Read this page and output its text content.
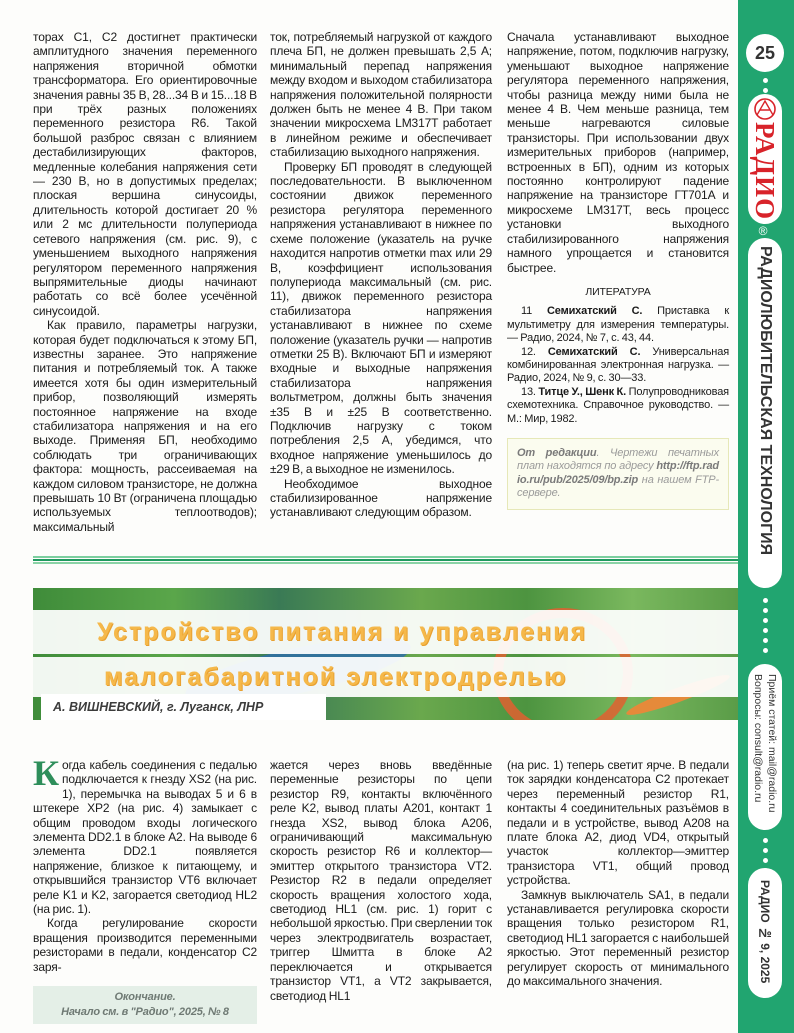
торах С1, С2 достигнет практически амплитудного значения переменного напряжения вторичной обмотки трансформатора. Его ориентировочные значения равны 35 В, 28...34 В и 15...18 В при трёх разных положениях переменного резистора R6. Такой большой разброс связан с влиянием дестабилизирующих факторов, медленные колебания напряжения сети — 230 В, но в допустимых пределах; плоская вершина синусоиды, длительность которой достигает 20 % или 2 мс длительности полупериода сетевого напряжения (см. рис. 9), с уменьшением выходного напряжения регулятором переменного напряжения выпрямительные диоды начинают работать со всё более усечённой синусоидой.

Как правило, параметры нагрузки, которая будет подключаться к этому БП, известны заранее. Это напряжение питания и потребляемый ток. А также имеется хотя бы один измерительный прибор, позволяющий измерять постоянное напряжение на входе стабилизатора напряжения и на его выходе. Применяя БП, необходимо соблюдать три ограничивающих фактора: мощность, рассеиваемая на каждом силовом транзисторе, не должна превышать 10 Вт (ограничена площадью используемых теплоотводов); максимальный

ток, потребляемый нагрузкой от каждого плеча БП, не должен превышать 2,5 А; минимальный перепад напряжения между входом и выходом стабилизатора напряжения положительной полярности должен быть не менее 4 В. При таком значении микросхема LM317T работает в линейном режиме и обеспечивает стабилизацию выходного напряжения.

Проверку БП проводят в следующей последовательности. В выключенном состоянии движок переменного резистора регулятора переменного напряжения устанавливают в нижнее по схеме положение (указатель на ручке находится напротив отметки max или 29 В, коэффициент использования полупериода максимальный (см. рис. 11), движок переменного резистора стабилизатора напряжения устанавливают в нижнее по схеме положение (указатель ручки — напротив отметки 25 В). Включают БП и измеряют входные и выходные напряжения стабилизатора напряжения вольтметром, должны быть значения ±35 В и ±25 В соответственно. Подключив нагрузку с током потребления 2,5 А, убедимся, что входное напряжение уменьшилось до ±29 В, а выходное не изменилось.

Необходимое выходное стабилизированное напряжение устанавливают следующим образом.

Сначала устанавливают выходное напряжение, потом, подключив нагрузку, уменьшают выходное напряжение регулятора переменного напряжения, чтобы разница между ними была не менее 4 В. Чем меньше разница, тем меньше нагреваются силовые транзисторы. При использовании двух измерительных приборов (например, встроенных в БП), одним из которых постоянно контролируют падение напряжение на транзисторе ГТ701А и микросхеме LM317T, весь процесс установки выходного стабилизированного напряжения намного упрощается и становится быстрее.

ЛИТЕРАТУРА

11 Семихатский С. Приставка к мультиметру для измерения температуры. — Радио, 2024, № 7, с. 43, 44.

12. Семихатский С. Универсальная комбинированная электронная нагрузка. — Радио, 2024, № 9, с. 30—33.

13. Титце У., Шенк К. Полупроводниковая схемотехника. Справочное руководство. — М.: Мир, 1982.

От редакции. Чертежи печатных плат находятся по адресу http://ftp.radio.ru/pub/2025/09/bp.zip на нашем FTP-сервере.
Устройство питания и управления
малогабаритной электродрелью
А. ВИШНЕВСКИЙ, г. Луганск, ЛНР

Когда кабель соединения с педалью подключается к гнезду XS2 (на рис. 1), перемычка на выводах 5 и 6 в штекере XP2 (на рис. 4) замыкает с общим проводом входы логического элемента DD2.1 в блоке A2. На выводе 6 элемента DD2.1 появляется напряжение, близкое к питающему, и открывшийся транзистор VT6 включает реле K1 и K2, загорается светодиод HL2 (на рис. 1).

Когда регулирование скорости вращения производится переменными резисторами в педали, конденсатор C2 заря-

Окончание.
Начало см. в "Радио", 2025, № 8

жается через вновь введённые переменные резисторы по цепи резистор R9, контакты включённого реле K2, вывод платы A201, контакт 1 гнезда XS2, вывод блока A206, ограничивающий максимальную скорость резистор R6 и коллектор—эмиттер открытого транзистора VT2. Резистор R2 в педали определяет скорость вращения холостого хода, светодиод HL1 (см. рис. 1) горит с небольшой яркостью. При сверлении ток через электродвигатель возрастает, триггер Шмитта в блоке A2 переключается и открывается транзистор VT1, а VT2 закрывается, светодиод HL1

(на рис. 1) теперь светит ярче. В педали ток зарядки конденсатора C2 протекает через переменный резистор R1, контакты 4 соединительных разъёмов в педали и в устройстве, вывод A208 на плате блока A2, диод VD4, открытый участок коллектор—эмиттер транзистора VT1, общий провод устройства.

Замкнув выключатель SA1, в педали устанавливается регулировка скорости вращения только резистором R1, светодиод HL1 загорается с наибольшей яркостью. Этот переменный резистор регулирует скорость от минимального до максимального значения.

25
РАДИО
®
РАДИОЛЮБИТЕЛЬСКАЯ ТЕХНОЛОГИЯ
Приём статей: mail@radio.ru
Вопросы: consult@radio.ru
РАДИО № 9, 2025
